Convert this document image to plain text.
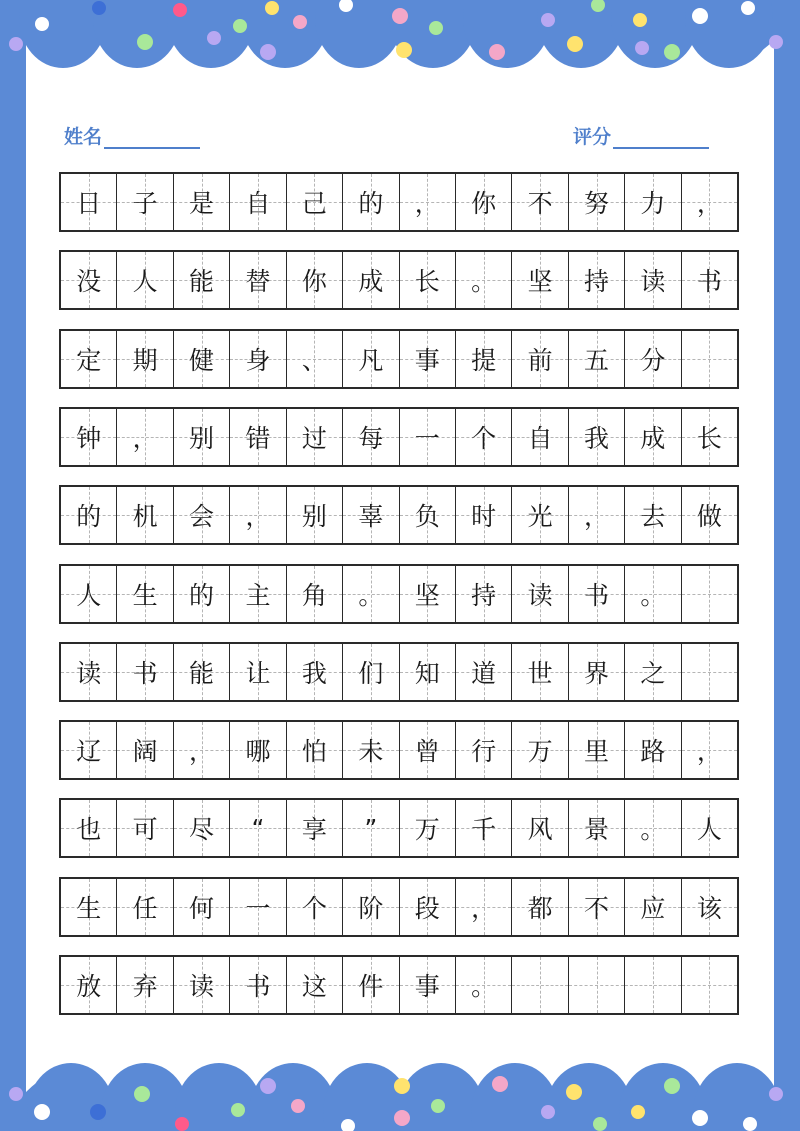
姓名	评分
日 子 是 自 己 的 ， 你 不 努 力 ，
没 人 能 替 你 成 长 。 坚 持 读 书
定 期 健 身 、 凡 事 提 前 五 分
钟 ， 别 错 过 每 一 个 自 我 成 长
的 机 会 ， 别 辜 负 时 光 ， 去 做
人 生 的 主 角 。 坚 持 读 书 。
读 书 能 让 我 们 知 道 世 界 之
辽 阔 ， 哪 怕 未 曾 行 万 里 路 ，
也 可 尽 “ 享 ” 万 千 风 景 。 人
生 任 何 一 个 阶 段 ， 都 不 应 该
放 弃 读 书 这 件 事 。
